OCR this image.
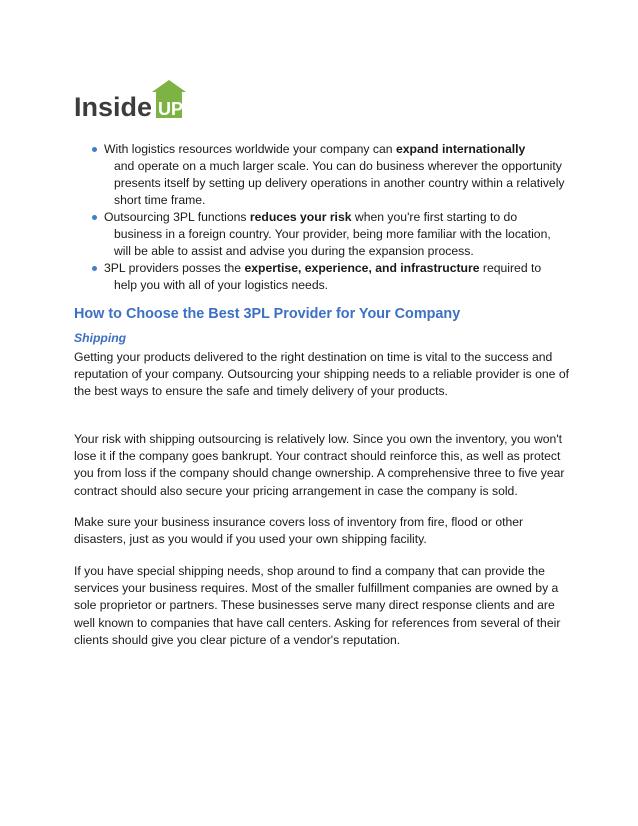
Inside UP
With logistics resources worldwide your company can expand internationally
and operate on a much larger scale. You can do business wherever the opportunity presents itself by setting up delivery operations in another country within a relatively short time frame.
Outsourcing 3PL functions reduces your risk when you're first starting to do
business in a foreign country. Your provider, being more familiar with the location, will be able to assist and advise you during the expansion process.
3PL providers posses the expertise, experience, and infrastructure required to
help you with all of your logistics needs.
How to Choose the Best 3PL Provider for Your Company
Shipping

Getting your products delivered to the right destination on time is vital to the success and reputation of your company. Outsourcing your shipping needs to a reliable provider is one of the best ways to ensure the safe and timely delivery of your products.

Your risk with shipping outsourcing is relatively low. Since you own the inventory, you won't lose it if the company goes bankrupt. Your contract should reinforce this, as well as protect you from loss if the company should change ownership. A comprehensive three to five year contract should also secure your pricing arrangement in case the company is sold.

Make sure your business insurance covers loss of inventory from fire, flood or other disasters, just as you would if you used your own shipping facility.

If you have special shipping needs, shop around to find a company that can provide the services your business requires. Most of the smaller fulfillment companies are owned by a sole proprietor or partners. These businesses serve many direct response clients and are well known to companies that have call centers. Asking for references from several of their clients should give you clear picture of a vendor's reputation.
